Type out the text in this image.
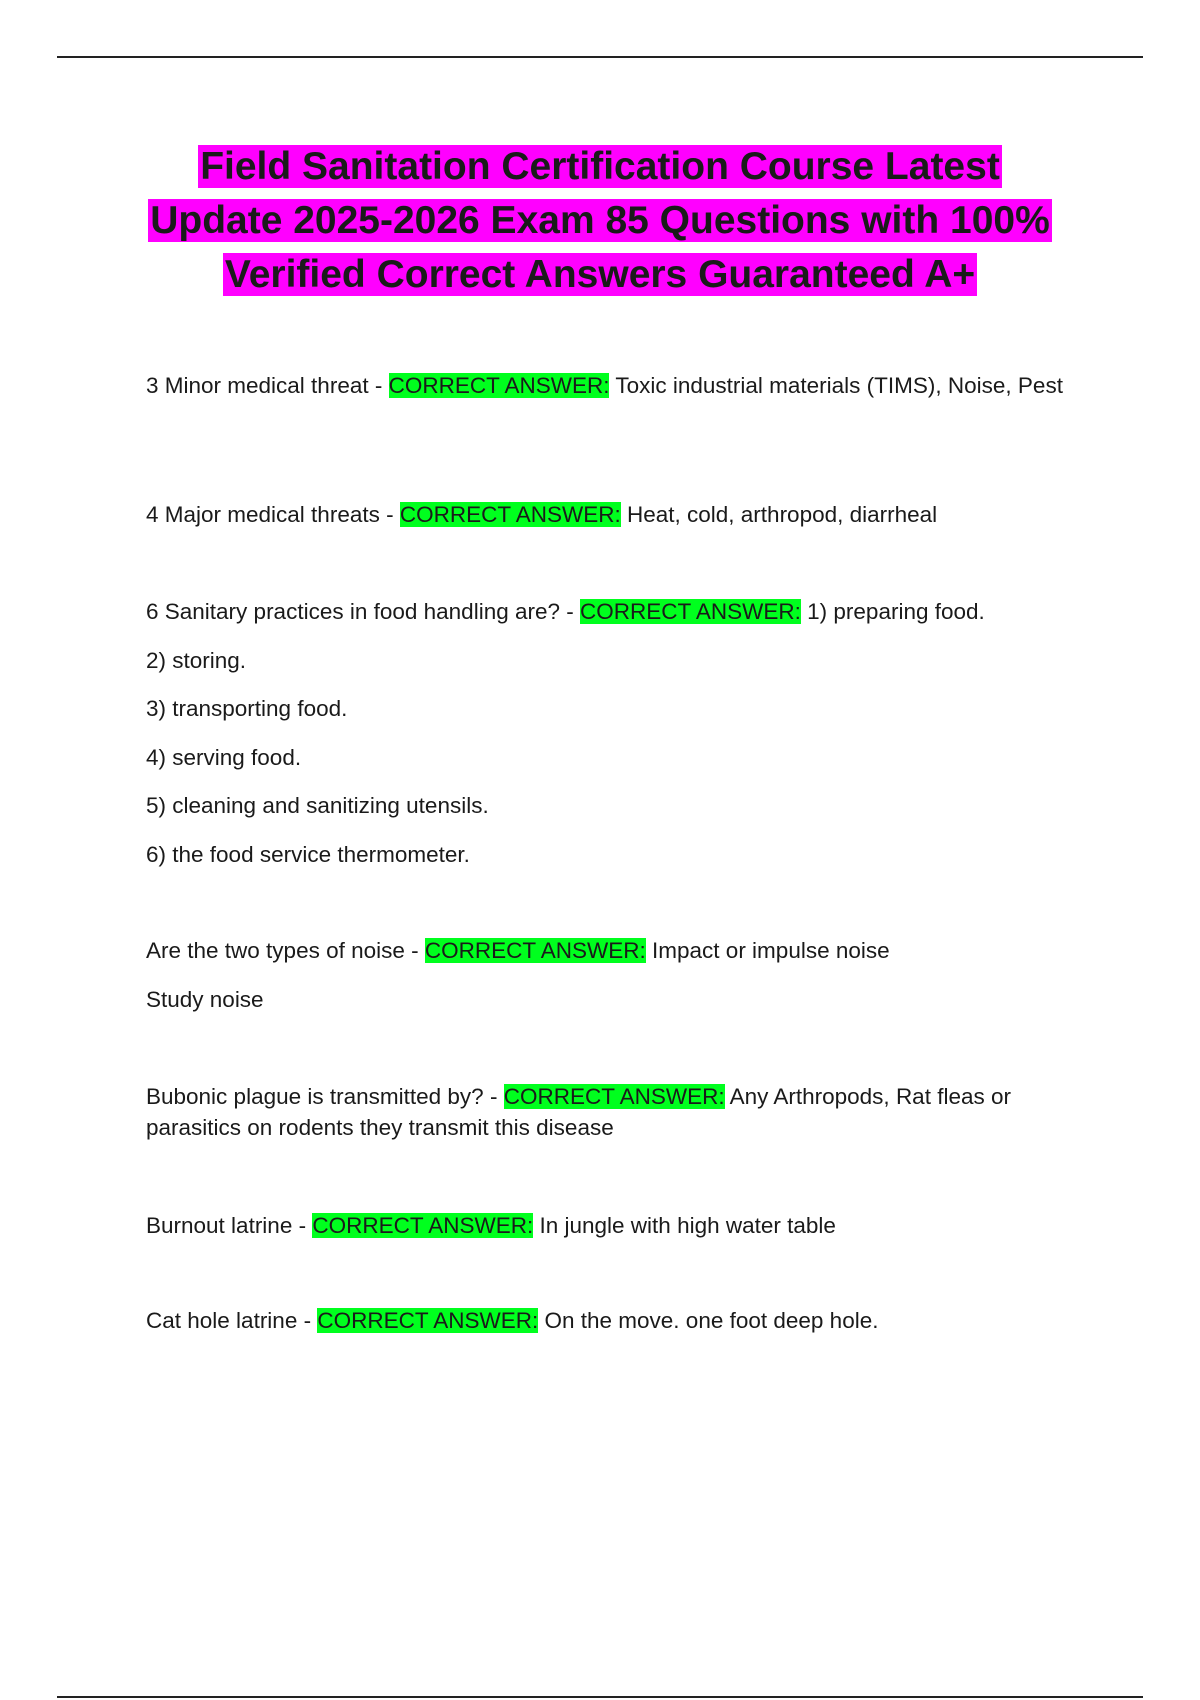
Field Sanitation Certification Course Latest
Update 2025-2026 Exam 85 Questions with 100%
Verified Correct Answers Guaranteed A+

3 Minor medical threat - CORRECT ANSWER: Toxic industrial materials (TIMS), Noise, Pest

4 Major medical threats - CORRECT ANSWER: Heat, cold, arthropod, diarrheal

6 Sanitary practices in food handling are? - CORRECT ANSWER: 1) preparing food.

2) storing.

3) transporting food.

4) serving food.

5) cleaning and sanitizing utensils.

6) the food service thermometer.

Are the two types of noise - CORRECT ANSWER: Impact or impulse noise

Study noise

Bubonic plague is transmitted by? - CORRECT ANSWER: Any Arthropods, Rat fleas or parasitics on rodents they transmit this disease

Burnout latrine - CORRECT ANSWER: In jungle with high water table

Cat hole latrine - CORRECT ANSWER: On the move. one foot deep hole.
